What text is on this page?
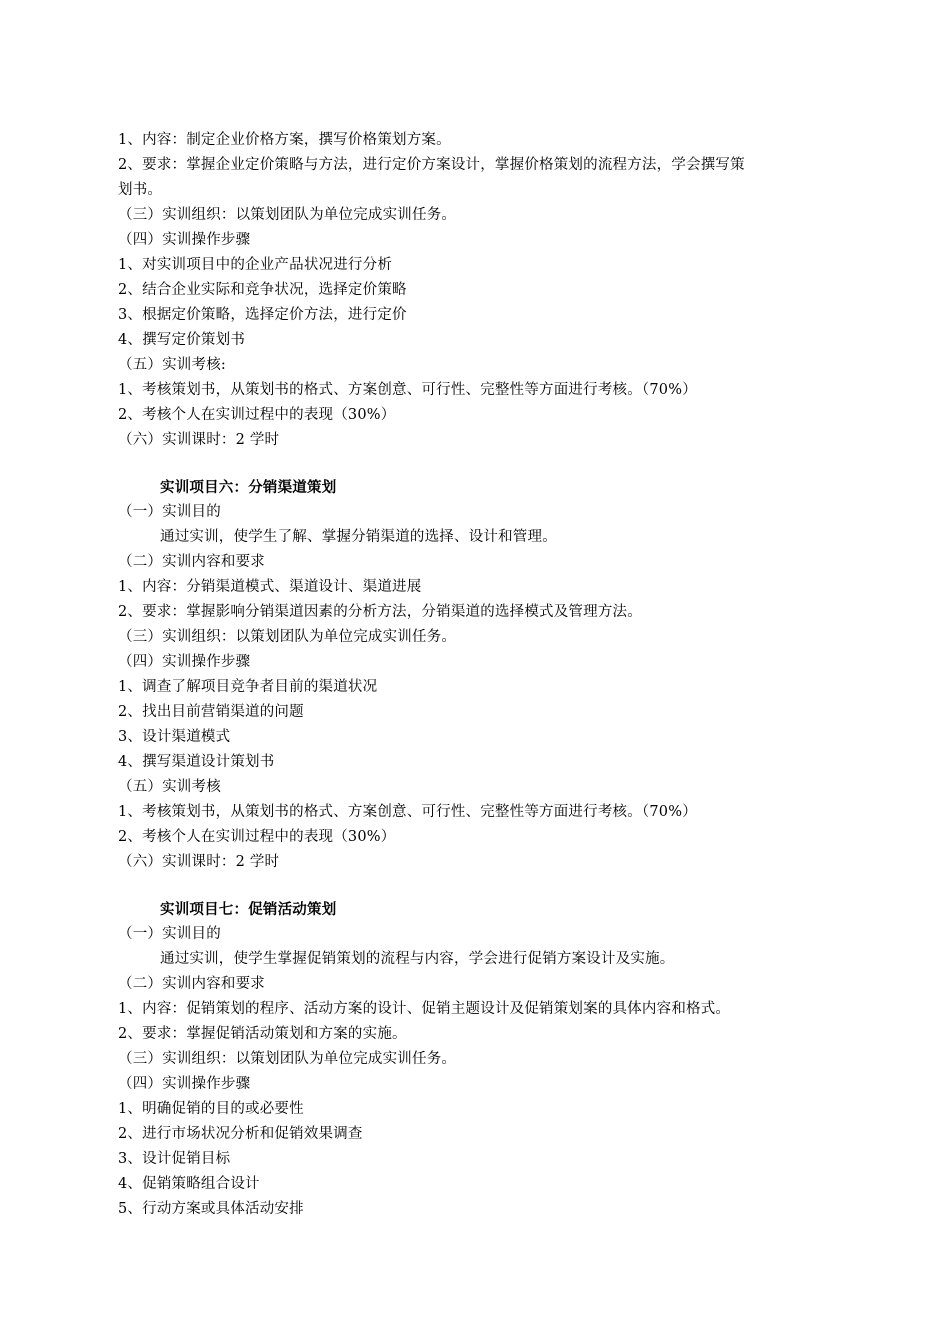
1、内容：制定企业价格方案，撰写价格策划方案。
2、要求：掌握企业定价策略与方法，进行定价方案设计，掌握价格策划的流程方法，学会撰写策
划书。
（三）实训组织：以策划团队为单位完成实训任务。
（四）实训操作步骤
1、对实训项目中的企业产品状况进行分析
2、结合企业实际和竞争状况，选择定价策略
3、根据定价策略，选择定价方法，进行定价
4、撰写定价策划书
（五）实训考核:
1、考核策划书，从策划书的格式、方案创意、可行性、完整性等方面进行考核。（70%）
2、考核个人在实训过程中的表现（30%）
（六）实训课时：2 学时
实训项目六：分销渠道策划
（一）实训目的
通过实训，使学生了解、掌握分销渠道的选择、设计和管理。
（二）实训内容和要求
1、内容：分销渠道模式、渠道设计、渠道进展
2、要求：掌握影响分销渠道因素的分析方法，分销渠道的选择模式及管理方法。
（三）实训组织：以策划团队为单位完成实训任务。
（四）实训操作步骤
1、调查了解项目竞争者目前的渠道状况
2、找出目前营销渠道的问题
3、设计渠道模式
4、撰写渠道设计策划书
（五）实训考核
1、考核策划书，从策划书的格式、方案创意、可行性、完整性等方面进行考核。（70%）
2、考核个人在实训过程中的表现（30%）
（六）实训课时：2 学时
实训项目七：促销活动策划
（一）实训目的
通过实训，使学生掌握促销策划的流程与内容，学会进行促销方案设计及实施。
（二）实训内容和要求
1、内容：促销策划的程序、活动方案的设计、促销主题设计及促销策划案的具体内容和格式。
2、要求：掌握促销活动策划和方案的实施。
（三）实训组织：以策划团队为单位完成实训任务。
（四）实训操作步骤
1、明确促销的目的或必要性
2、进行市场状况分析和促销效果调查
3、设计促销目标
4、促销策略组合设计
5、行动方案或具体活动安排
